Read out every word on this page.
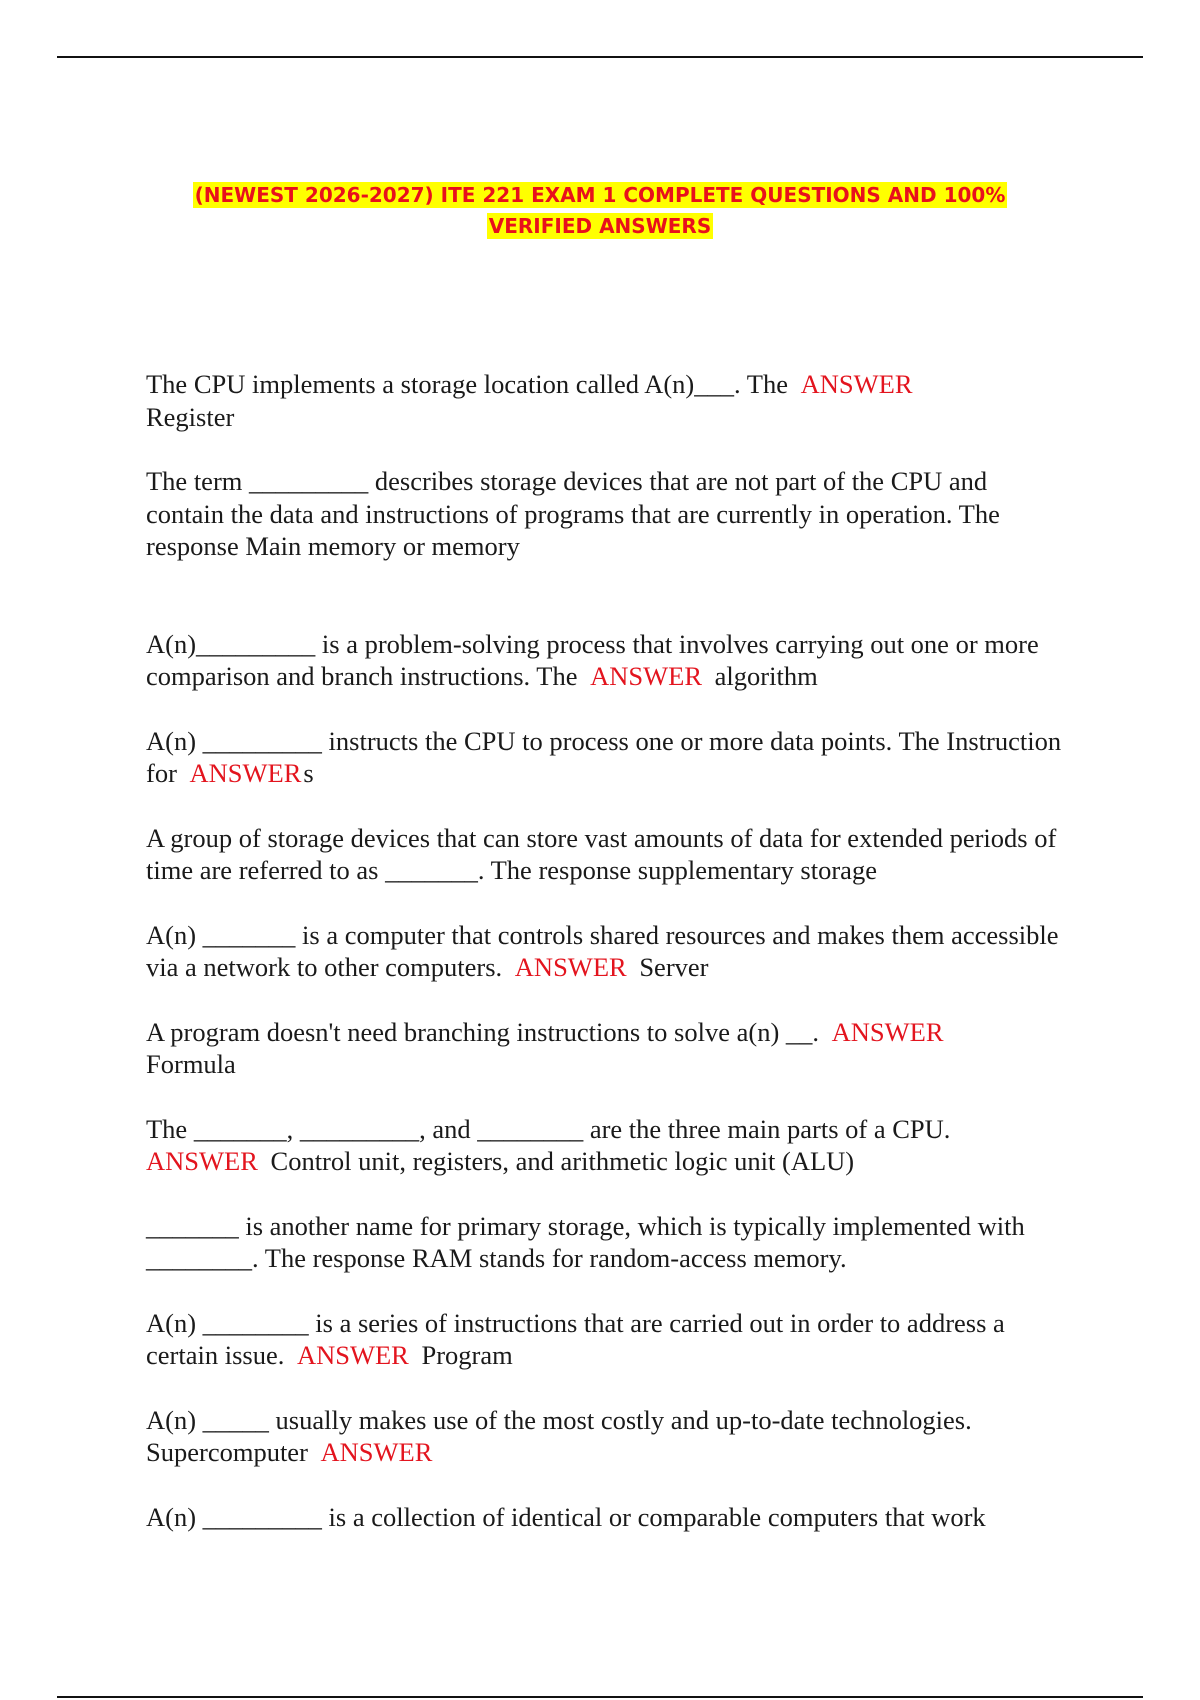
(NEWEST 2026-2027) ITE 221 EXAM 1 COMPLETE QUESTIONS AND 100%
VERIFIED ANSWERS

The CPU implements a storage location called A(n)___. The ANSWER
Register

The term _________ describes storage devices that are not part of the CPU and contain the data and instructions of programs that are currently in operation. The response Main memory or memory

A(n)_________ is a problem-solving process that involves carrying out one or more comparison and branch instructions. The ANSWER algorithm

A(n) _________ instructs the CPU to process one or more data points. The Instruction for ANSWERs

A group of storage devices that can store vast amounts of data for extended periods of time are referred to as _______. The response supplementary storage

A(n) _______ is a computer that controls shared resources and makes them accessible via a network to other computers. ANSWER Server

A program doesn't need branching instructions to solve a(n) __. ANSWER
Formula

The _______, _________, and ________ are the three main parts of a CPU.
ANSWER Control unit, registers, and arithmetic logic unit (ALU)

_______ is another name for primary storage, which is typically implemented with ________. The response RAM stands for random-access memory.

A(n) ________ is a series of instructions that are carried out in order to address a certain issue. ANSWER Program

A(n) _____ usually makes use of the most costly and up-to-date technologies. Supercomputer ANSWER

A(n) _________ is a collection of identical or comparable computers that work
